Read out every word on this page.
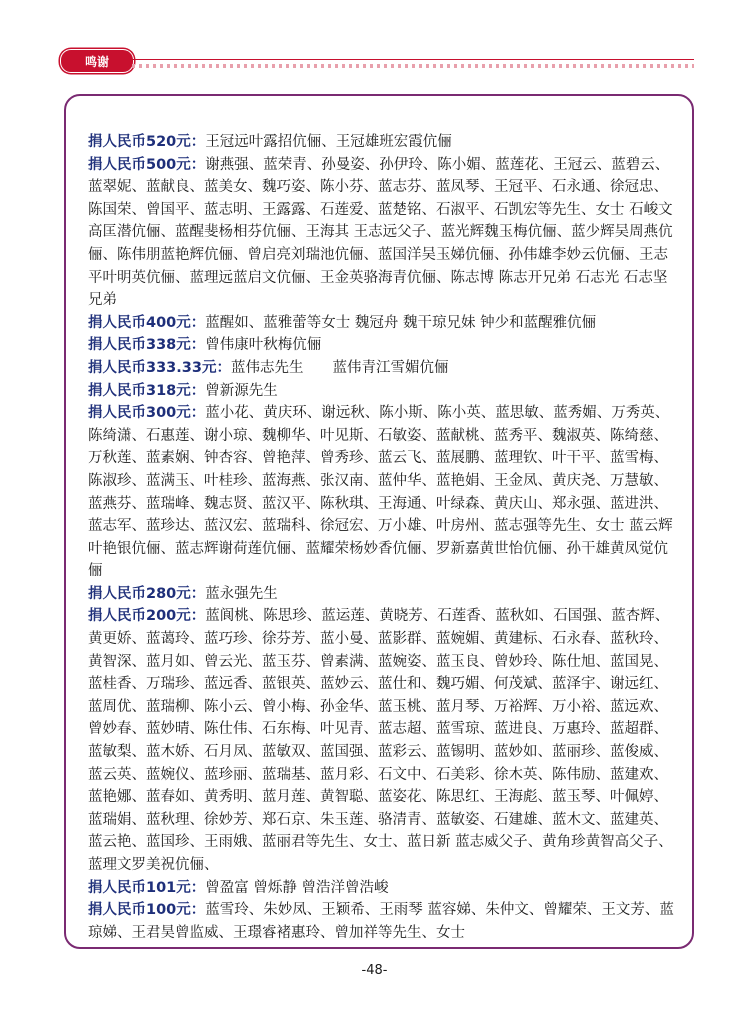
鸣谢

捐人民币520元：王冠远叶露招伉俪、王冠雄班宏霞伉俪

捐人民币500元：谢燕强、蓝荣青、孙曼姿、孙伊玲、陈小媚、蓝莲花、王冠云、蓝碧云、蓝翠妮、蓝献良、蓝美女、魏巧姿、陈小芬、蓝志芬、蓝凤琴、王冠平、石永通、徐冠忠、陈国荣、曾国平、蓝志明、王露露、石莲爱、蓝楚铭、石淑平、石凯宏等先生、女士 石峻文高匡潜伉俪、蓝醒斐杨相芬伉俪、王海其 王志远父子、蓝光辉魏玉梅伉俪、蓝少辉吴周燕伉俪、陈伟朋蓝艳辉伉俪、曾启亮刘瑞池伉俪、蓝国洋吴玉娣伉俪、孙伟雄李妙云伉俪、王志平叶明英伉俪、蓝理远蓝启文伉俪、王金英骆海青伉俪、陈志博 陈志开兄弟 石志光 石志坚兄弟

捐人民币400元：蓝醒如、蓝雅蕾等女士 魏冠舟 魏干琼兄妹 钟少和蓝醒雅伉俪

捐人民币338元：曾伟康叶秋梅伉俪

捐人民币333.33元：蓝伟志先生　　蓝伟青江雪媚伉俪

捐人民币318元：曾新源先生

捐人民币300元：蓝小花、黄庆环、谢远秋、陈小斯、陈小英、蓝思敏、蓝秀媚、万秀英、陈绮潇、石惠莲、谢小琼、魏柳华、叶见斯、石敏姿、蓝献桃、蓝秀平、魏淑英、陈绮慈、万秋莲、蓝素娴、钟杏容、曾艳萍、曾秀珍、蓝云飞、蓝展鹏、蓝理钦、叶干平、蓝雪梅、陈淑珍、蓝满玉、叶桂珍、蓝海燕、张汉南、蓝仲华、蓝艳娟、王金凤、黄庆尧、万慧敏、蓝燕芬、蓝瑞峰、魏志贤、蓝汉平、陈秋琪、王海通、叶绿森、黄庆山、郑永强、蓝进洪、蓝志军、蓝珍达、蓝汉宏、蓝瑞科、徐冠宏、万小雄、叶房州、蓝志强等先生、女士 蓝云辉叶艳银伉俪、蓝志辉谢荷莲伉俪、蓝耀荣杨妙香伉俪、罗新嘉黄世怡伉俪、孙干雄黄凤觉伉俪

捐人民币280元：蓝永强先生

捐人民币200元：蓝阆桃、陈思珍、蓝运莲、黄晓芳、石莲香、蓝秋如、石国强、蓝杏辉、黄更娇、蓝蔼玲、蓝巧珍、徐芬芳、蓝小曼、蓝影群、蓝婉媚、黄建标、石永春、蓝秋玲、黄智深、蓝月如、曾云光、蓝玉芬、曾素满、蓝婉姿、蓝玉良、曾妙玲、陈仕旭、蓝国晃、蓝桂香、万瑞珍、蓝远香、蓝银英、蓝妙云、蓝仕和、魏巧媚、何茂斌、蓝泽宇、谢远红、蓝周优、蓝瑞柳、陈小云、曾小梅、孙金华、蓝玉桃、蓝月琴、万裕辉、万小裕、蓝远欢、曾妙春、蓝妙晴、陈仕伟、石东梅、叶见青、蓝志超、蓝雪琼、蓝进良、万惠玲、蓝超群、蓝敏梨、蓝木娇、石月凤、蓝敏双、蓝国强、蓝彩云、蓝锡明、蓝妙如、蓝丽珍、蓝俊威、蓝云英、蓝婉仪、蓝珍丽、蓝瑞基、蓝月彩、石文中、石美彩、徐木英、陈伟励、蓝建欢、蓝艳娜、蓝春如、黄秀明、蓝月莲、黄智聪、蓝姿花、陈思红、王海彪、蓝玉琴、叶佩婷、蓝瑞娟、蓝秋理、徐妙芳、郑石京、朱玉莲、骆清青、蓝敏姿、石建雄、蓝木文、蓝建英、蓝云艳、蓝国珍、王雨娥、蓝丽君等先生、女士、蓝日新 蓝志威父子、黄角珍黄智高父子、蓝理文罗美祝伉俪、

捐人民币101元：曾盈富 曾烁静 曾浩洋曾浩峻

捐人民币100元：蓝雪玲、朱妙凤、王颖希、王雨琴 蓝容娣、朱仲文、曾耀荣、王文芳、蓝琼娣、王君昊曾监威、王璟睿褚惠玲、曾加祥等先生、女士

-48-
